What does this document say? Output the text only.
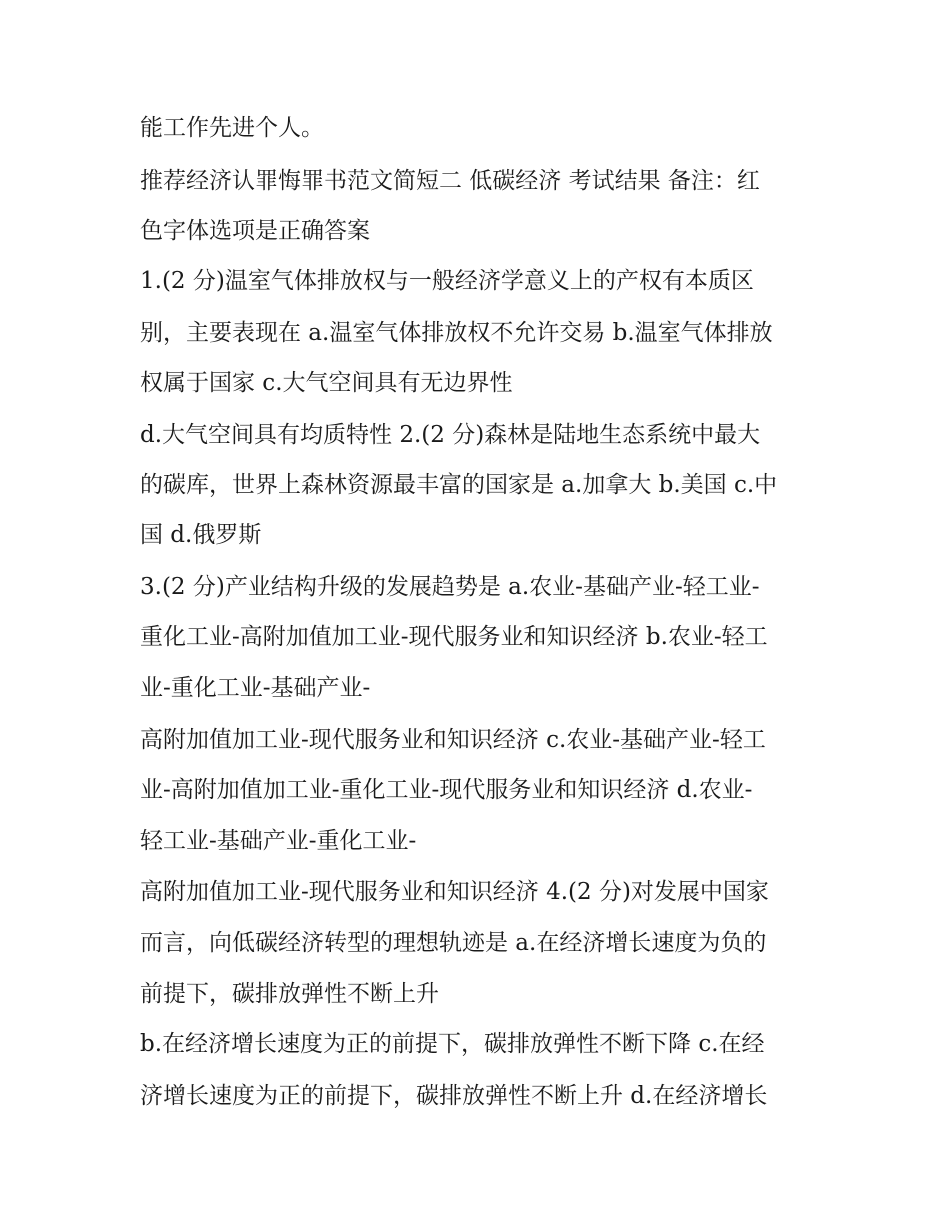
能工作先进个人。
推荐经济认罪悔罪书范文简短二 低碳经济 考试结果 备注：红
色字体选项是正确答案
1.(2 分)温室气体排放权与一般经济学意义上的产权有本质区
别，主要表现在 a.温室气体排放权不允许交易 b.温室气体排放
权属于国家 c.大气空间具有无边界性
d.大气空间具有均质特性 2.(2 分)森林是陆地生态系统中最大
的碳库，世界上森林资源最丰富的国家是 a.加拿大 b.美国 c.中
国 d.俄罗斯
3.(2 分)产业结构升级的发展趋势是 a.农业-基础产业-轻工业-
重化工业-高附加值加工业-现代服务业和知识经济 b.农业-轻工
业-重化工业-基础产业-
高附加值加工业-现代服务业和知识经济 c.农业-基础产业-轻工
业-高附加值加工业-重化工业-现代服务业和知识经济 d.农业-
轻工业-基础产业-重化工业-
高附加值加工业-现代服务业和知识经济 4.(2 分)对发展中国家
而言，向低碳经济转型的理想轨迹是 a.在经济增长速度为负的
前提下，碳排放弹性不断上升
b.在经济增长速度为正的前提下，碳排放弹性不断下降 c.在经
济增长速度为正的前提下，碳排放弹性不断上升 d.在经济增长
